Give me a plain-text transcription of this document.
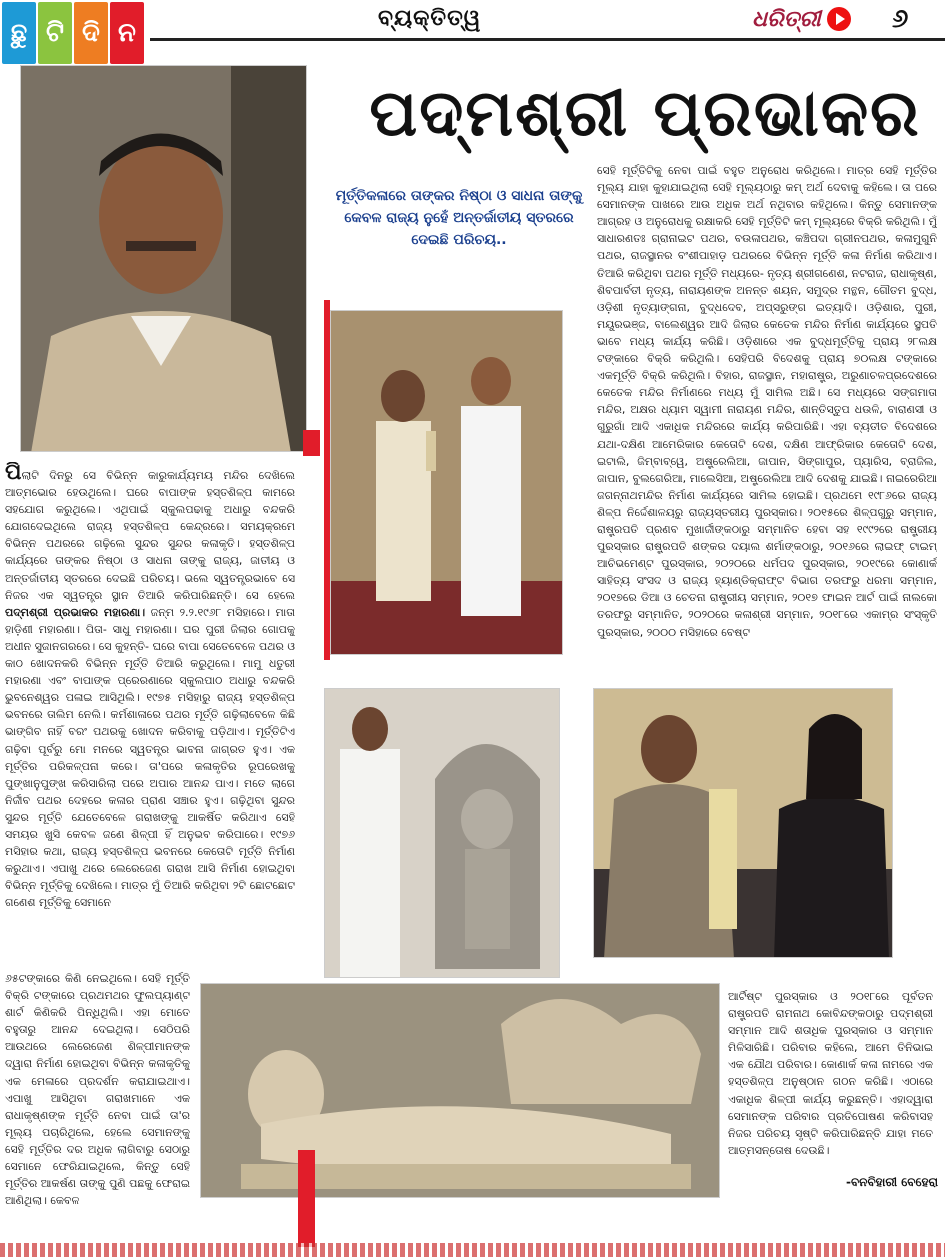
ଛୁ ଟି ଦି ନ	ବ୍ୟକ୍ତିତ୍ୱ	ଧରିତ୍ରୀ	୬
ପଦ୍ମଶ୍ରୀ ପ୍ରଭାକର
ମୂର୍ତ୍ତିକଳାରେ ତାଙ୍କର ନିଷ୍ଠା ଓ ସାଧନା ତାଙ୍କୁ କେବଳ ରାଜ୍ୟ ନୁହେଁ ଅନ୍ତର୍ଜାତୀୟ ସ୍ତରରେ ଦେଇଛି ପରିଚୟ..
ପିଲାଟି ଦିନରୁ ସେ ବିଭିନ୍ନ କାରୁକାର୍ଯ୍ୟମୟ ମନ୍ଦିର ଦେଖିଲେ ଆତ୍ମଭୋର ହେଉଥିଲେ। ଘରେ ବାପାଙ୍କ ହସ୍ତଶିଳ୍ପ କାମରେ ସହଯୋଗ କରୁଥିଲେ। ଏଥିପାଇଁ ସ୍କୁଲପଢାକୁ ଅଧାରୁ ବନ୍ଦକରି ଯୋଗଦେଇଥିଲେ ରାଜ୍ୟ ହସ୍ତଶିଳ୍ପ କେନ୍ଦ୍ରରେ। ସମୟକ୍ରମେ ବିଭିନ୍ନ ପଥରରେ ଗଢ଼ିଲେ ସୁନ୍ଦର ସୁନ୍ଦର କଳାକୃତି। ହସ୍ତଶିଳ୍ପ କାର୍ଯ୍ୟରେ ତାଙ୍କର ନିଷ୍ଠା ଓ ସାଧନା ତାଙ୍କୁ ରାଜ୍ୟ, ଜାତୀୟ ଓ ଅନ୍ତର୍ଜାତୀୟ ସ୍ତରରେ ଦେଇଛି ପରିଚୟ। ଭଲେ ସ୍ୱତନ୍ତ୍ରଭାବେ ସେ ନିଜର ଏକ ସ୍ୱତନ୍ତ୍ର ସ୍ଥାନ ତିଆରି କରିପାରିଛନ୍ତି। ସେ ହେଲେ ପଦ୍ମଶ୍ରୀ ପ୍ରଭାକର ମହାରଣା। ଜନ୍ମ ୨.୨.୧୯୬୮ ମସିହାରେ। ମାତା ହାଡ଼ିଣୀ ମହାରଣା। ପିତା- ସାଧୁ ମହାରଣା। ଘର ପୁରୀ ଜିଲାର ଗୋପକୁ ଅଧୀନ ସୁଜାନଗରରେ। ସେ କୁହନ୍ତି- ଘରେ ବାପା ସେତେବେଳେ ପଥର ଓ କାଠ ଖୋଦନକରି ବିଭିନ୍ନ ମୂର୍ତ୍ତି ତିଆରି କରୁଥିଲେ। ମାମୁ ଧତୁରୀ ମହାରଣା ଏବଂ ବାପାଙ୍କ ପ୍ରେରଣାରେ ସ୍କୁଲପାଠ ଅଧାରୁ ବନ୍ଦକରି ଭୁବନେଶ୍ୱର ପଳାଇ ଆସିଥିଲି। ୧୯୭୫ ମସିହାରୁ ରାଜ୍ୟ ହସ୍ତଶିଳ୍ପ ଭବନରେ ତାଲିମ ନେଲି। କର୍ମଶାଳାରେ ପଥର ମୂର୍ତ୍ତି ଗଢ଼ିଲାବେଳେ କିଛି ଭାଙ୍ଗିବ ନାହିଁ ବରଂ ପଥରକୁ ଖୋଦନ କରିବାକୁ ପଡ଼ିଥାଏ। ମୂର୍ତ୍ତିଟିଏ ଗଢ଼ିବା ପୂର୍ବରୁ ମୋ ମନରେ ସ୍ୱତନ୍ତ୍ର ଭାବନା ଜାଗ୍ରତ ହୁଏ। ଏକ ମୂର୍ତ୍ତିର ପରିକଳ୍ପନା କରେ। ତା'ପରେ କଳାକୃତିର ରୂପରେଖକୁ ପୁଙ୍ଖାନୁପୁଙ୍ଖ କରିସାରିଲା ପରେ ଅପାର ଆନନ୍ଦ ପାଏ। ମତେ ଲାଗେ ନିର୍ଜୀବ ପଥର ଦେହରେ କଳାର ପ୍ରାଣ ସଞ୍ଚାର ହୁଏ। ଗଢ଼ିଥିବା ସୁନ୍ଦର ସୁନ୍ଦର ମୂର୍ତ୍ତି ଯେତେବେଳେ ଗରାଖଙ୍କୁ ଆକର୍ଷିତ କରିଥାଏ ସେହି ସମୟର ଖୁସି କେବଳ ଜଣେ ଶିଳ୍ପୀ ହିଁ ଅନୁଭବ କରିପାରେ। ୧୯୭୬ ମସିହାର କଥା, ରାଜ୍ୟ ହସ୍ତଶିଳ୍ପ ଭବନରେ କେତୋଟି ମୂର୍ତ୍ତି ନିର୍ମାଣ କରୁଥାଏ। ଏପାଖୁ ଥରେ ଲେରେଜେଣ ଗରାଖ ଆସି ନିର୍ମାଣ ହୋଇଥିବା ବିଭିନ୍ନ ମୂର୍ତ୍ତିକୁ ଦେଖିଲେ। ମାତ୍ର ମୁଁ ତିଆରି କରିଥିବା ୨ଟି ଛୋଟଛୋଟ ଗଣେଶ ମୂର୍ତ୍ତିକୁ ସେମାନେ
୬୫ଟଙ୍କାରେ କିଣି ନେଇଥିଲେ। ସେହି ମୂର୍ତ୍ତି ବିକ୍ରି ଟଙ୍କାରେ ପ୍ରଥମଥର ଫୁଲପ୍ୟାଣ୍ଟ ଶାର୍ଟ କିଣିକରି ପିନ୍ଧିଥିଲି। ଏହା ମୋତେ ବହୁତାରୁ ଆନନ୍ଦ ଦେଇଥିଲା। ସେଠିପରି ଆଉଥରେ ଲେରେଜେଣ ଶିଳ୍ପୀମାନଙ୍କ ଦ୍ୱାରା ନିର୍ମାଣ ହୋଇଥିବା ବିଭିନ୍ନ କଳାକୃତିକୁ ଏକ ମେଳାରେ ପ୍ରଦର୍ଶନ କରାଯାଇଥାଏ। ଏପାଖୁ ଆସିଥିବା ଗରାଖମାନେ ଏକ ରାଧାକୃଷ୍ଣଙ୍କ ମୂର୍ତ୍ତି ନେବା ପାଇଁ ତା'ର ମୂଲ୍ୟ ପଚାରିଥିଲେ, ହେଲେ ସେମାନଙ୍କୁ ସେହି ମୂର୍ତ୍ତିର ଦର ଅଧିକ ଲାଗିବାରୁ ସେଠାରୁ ସେମାନେ ଫେରିଯାଇଥିଲେ, କିନ୍ତୁ ସେହି ମୂର୍ତ୍ତିର ଆକର୍ଷଣ ତାଙ୍କୁ ପୁଣି ପଛକୁ ଫେରାଇ ଆଣିଥିଲା। କେବଳ
ସେହି ମୂର୍ତ୍ତିଟିକୁ ନେବା ପାଇଁ ବହୁତ ଅନୁରୋଧ କରିଥିଲେ। ମାତ୍ର ସେହି ମୂର୍ତ୍ତିର ମୂଲ୍ୟ ଯାହା କୁହାଯାଇଥିଲା ସେହି ମୂଲ୍ୟଠାରୁ କମ୍ ଅର୍ଥ ଦେବାକୁ କହିଲେ। ତା ପରେ ସେମାନଙ୍କ ପାଖରେ ଆଉ ଅଧିକ ଅର୍ଥ ନଥିବାର କହିଥିଲେ। କିନ୍ତୁ ସେମାନଙ୍କ ଆଗ୍ରହ ଓ ଅନୁରୋଧକୁ ରକ୍ଷାକରି ସେହି ମୂର୍ତ୍ତିଟି କମ୍ ମୂଲ୍ୟରେ ବିକ୍ରି କରିଥିଲି। ମୁଁ ସାଧାରଣତଃ ଗ୍ରାନାଇଟ ପଥର, ବଉଳାପଥର, କଞ୍ଚିପଦା ଗ୍ରୀନପଥର, କଳାମୁଗୁନି ପଥର, ରାଜସ୍ଥାନର ବଂଶୀପାହାଡ଼ ପଥରରେ ବିଭିନ୍ନ ମୂର୍ତ୍ତି କଳା ନିର୍ମାଣ କରିଥାଏ। ତିଆରି କରିଥିବା ପଥର ମୂର୍ତ୍ତି ମଧ୍ୟରେ- ନୃତ୍ୟ ଶ୍ରୀଗଣେଶ, ନଟରାଜ, ରାଧାକୃଷ୍ଣ, ଶିବପାର୍ବତୀ ନୃତ୍ୟ, ନାରାୟଣଙ୍କ ଅନନ୍ତ ଶୟନ, ସମୁଦ୍ର ମନ୍ଥନ, ଗୌତମ ବୁଦ୍ଧ, ଓଡ଼ିଶୀ ନୃତ୍ୟାଙ୍ଗନା, ବୁଦ୍ଧଦେବ, ଅପ୍ସରୁଙ୍ଗ ଇତ୍ୟାଦି। ଓଡ଼ିଶାର, ପୁରୀ, ମୟୂରଭଞ୍ଜ, ବାଲେଶ୍ୱର ଆଦି ଜିଲାର କେତେକ ମନ୍ଦିର ନିର୍ମାଣ କାର୍ଯ୍ୟରେ ସ୍ଥପତି ଭାବେ ମଧ୍ୟ କାର୍ଯ୍ୟ କରିଛି। ଓଡ଼ିଶାରେ ଏକ ବୁଦ୍ଧମୂର୍ତ୍ତିକୁ ପ୍ରାୟ ୨୮ଲକ୍ଷ ଟଙ୍କାରେ ବିକ୍ରି କରିଥିଲି। ସେହିପରି ବିଦେଶକୁ ପ୍ରାୟ ୭୦ଲକ୍ଷ ଟଙ୍କାରେ ଏକମୂର୍ତ୍ତି ବିକ୍ରି କରିଥିଲି। ବିହାର, ରାଜସ୍ଥାନ, ମହାରାଷ୍ଟ୍ର, ଅରୁଣାଚଳପ୍ରଦେଶରେ କେତେକ ମନ୍ଦିର ନିର୍ମାଣରେ ମଧ୍ୟ ମୁଁ ସାମିଲ ଅଛି। ସେ ମଧ୍ୟରେ ସଙ୍ଗମାତା ମନ୍ଦିର, ଅକ୍ଷର ଧ୍ୟାମ ସ୍ୱାମୀ ନାରାୟଣ ମନ୍ଦିର, ଶାନ୍ତିସ୍ତୁପ ଧଉଳି, ବାରାଣସୀ ଓ ଗୁରୁଗାଁ ଆଦି ଏକାଧିକ ମନ୍ଦିରରେ କାର୍ଯ୍ୟ କରିପାରିଛି। ଏହା ବ୍ୟତୀତ ବିଦେଶରେ ଯଥା-ଦକ୍ଷିଣ ଆମେରିକାର କେତୋଟି ଦେଶ, ଦକ୍ଷିଣ ଆଫ୍ରିକାର କେତୋଟି ଦେଶ, ଇଟାଲି, ଜିମ୍ବାବ୍ୱେ, ଅଷ୍ଟ୍ରେଲିଆ, ଜାପାନ, ସିଙ୍ଗାପୁର, ପ୍ୟାରିସ, ବ୍ରାଜିଲ, ଜାପାନ, ବୁଲଗେରିଆ, ମାଲେସିଆ, ଅଷ୍ଟ୍ରେଲିଆ ଆଦି ଦେଶକୁ ଯାଇଛି। ନାଇରେରିଆ ଜଗନ୍ନାଥମନ୍ଦିର ନିର୍ମାଣ କାର୍ଯ୍ୟରେ ସାମିଲ ହୋଇଛି। ପ୍ରଥମେ ୧୯୮୬ରେ ରାଜ୍ୟ ଶିଳ୍ପ ନିର୍ଦ୍ଦେଶାଳୟରୁ ରାଜ୍ୟସ୍ତରୀୟ ପୁରସ୍କାର। ୨୦୧୫ରେ ଶିଳ୍ପଗୁରୁ ସମ୍ମାନ, ରାଷ୍ଟ୍ରପତି ପ୍ରଣବ ମୁଖାର୍ଜୀଙ୍କଠାରୁ ସମ୍ମାନିତ ହେବା ସହ ୧୯୯୨ରେ ରାଷ୍ଟ୍ରୀୟ ପୁରସ୍କାର ରାଷ୍ଟ୍ରପତି ଶଙ୍କର ଦୟାଲ ଶର୍ମାଙ୍କଠାରୁ, ୨୦୧୬ରେ ଲାଇଫ୍ ଟାଇମ୍ ଆଚିଭମେଣ୍ଟ ପୁରସ୍କାର, ୨୦୨୦ରେ ଧର୍ମପଦ ପୁରସ୍କାର, ୨୦୧୯ରେ କୋଣାର୍କ ସାହିତ୍ୟ ସଂସଦ ଓ ରାଜ୍ୟ ହ୍ୟାଣ୍ଡିକ୍ରାଫ୍ଟ ବିଭାଗ ତରଫରୁ ଧରମା ସମ୍ମାନ, ୨୦୧୭ରେ ଡିଆ ଓ ଚେତନା ରାଷ୍ଟ୍ରୀୟ ସମ୍ମାନ, ୨୦୧୭ ଫାଇନ ଆର୍ଟ ପାଇଁ ନାଲକୋ ତରଫରୁ ସମ୍ମାନିତ, ୨୦୨୦ରେ କଳାଶ୍ରୀ ସମ୍ମାନ, ୨୦୧୮ରେ ଏକାମ୍ର ସଂସ୍କୃତି ପୁରସ୍କାର, ୨୦୦୦ ମସିହାରେ ବେଷ୍ଟ
ଆର୍ଟିଷ୍ଟ ପୁରସ୍କାର ଓ ୨୦୧୮ରେ ପୂର୍ବତନ ରାଷ୍ଟ୍ରପତି ରାମନାଥ କୋବିନ୍ଦଙ୍କଠାରୁ ପଦ୍ମଶ୍ରୀ ସମ୍ମାନ ଆଦି ଶତାଧିକ ପୁରସ୍କାର ଓ ସମ୍ମାନ ମିଳିସାରିଛି। ପରିବାର କହିଲେ, ଆମେ ତିନିଭାଇ ଏକ ଯୌଥ ପରିବାର। କୋଣାର୍କ କଳା ନାମରେ ଏକ ହସ୍ତଶିଳ୍ପ ଅନୁଷ୍ଠାନ ଗଠନ କରିଛି। ଏଠାରେ ଏକାଧିକ ଶିଳ୍ପୀ କାର୍ଯ୍ୟ କରୁଛନ୍ତି। ଏହାଦ୍ୱାରା ସେମାନଙ୍କ ପରିବାର ପ୍ରତିପୋଷଣ କରିବାସହ ନିଜର ପରିଚୟ ସୃଷ୍ଟି କରିପାରିଛନ୍ତି ଯାହା ମତେ ଆତ୍ମସନ୍ତୋଷ ଦେଉଛି।
-ବନବିହାରୀ ବେହେରା
